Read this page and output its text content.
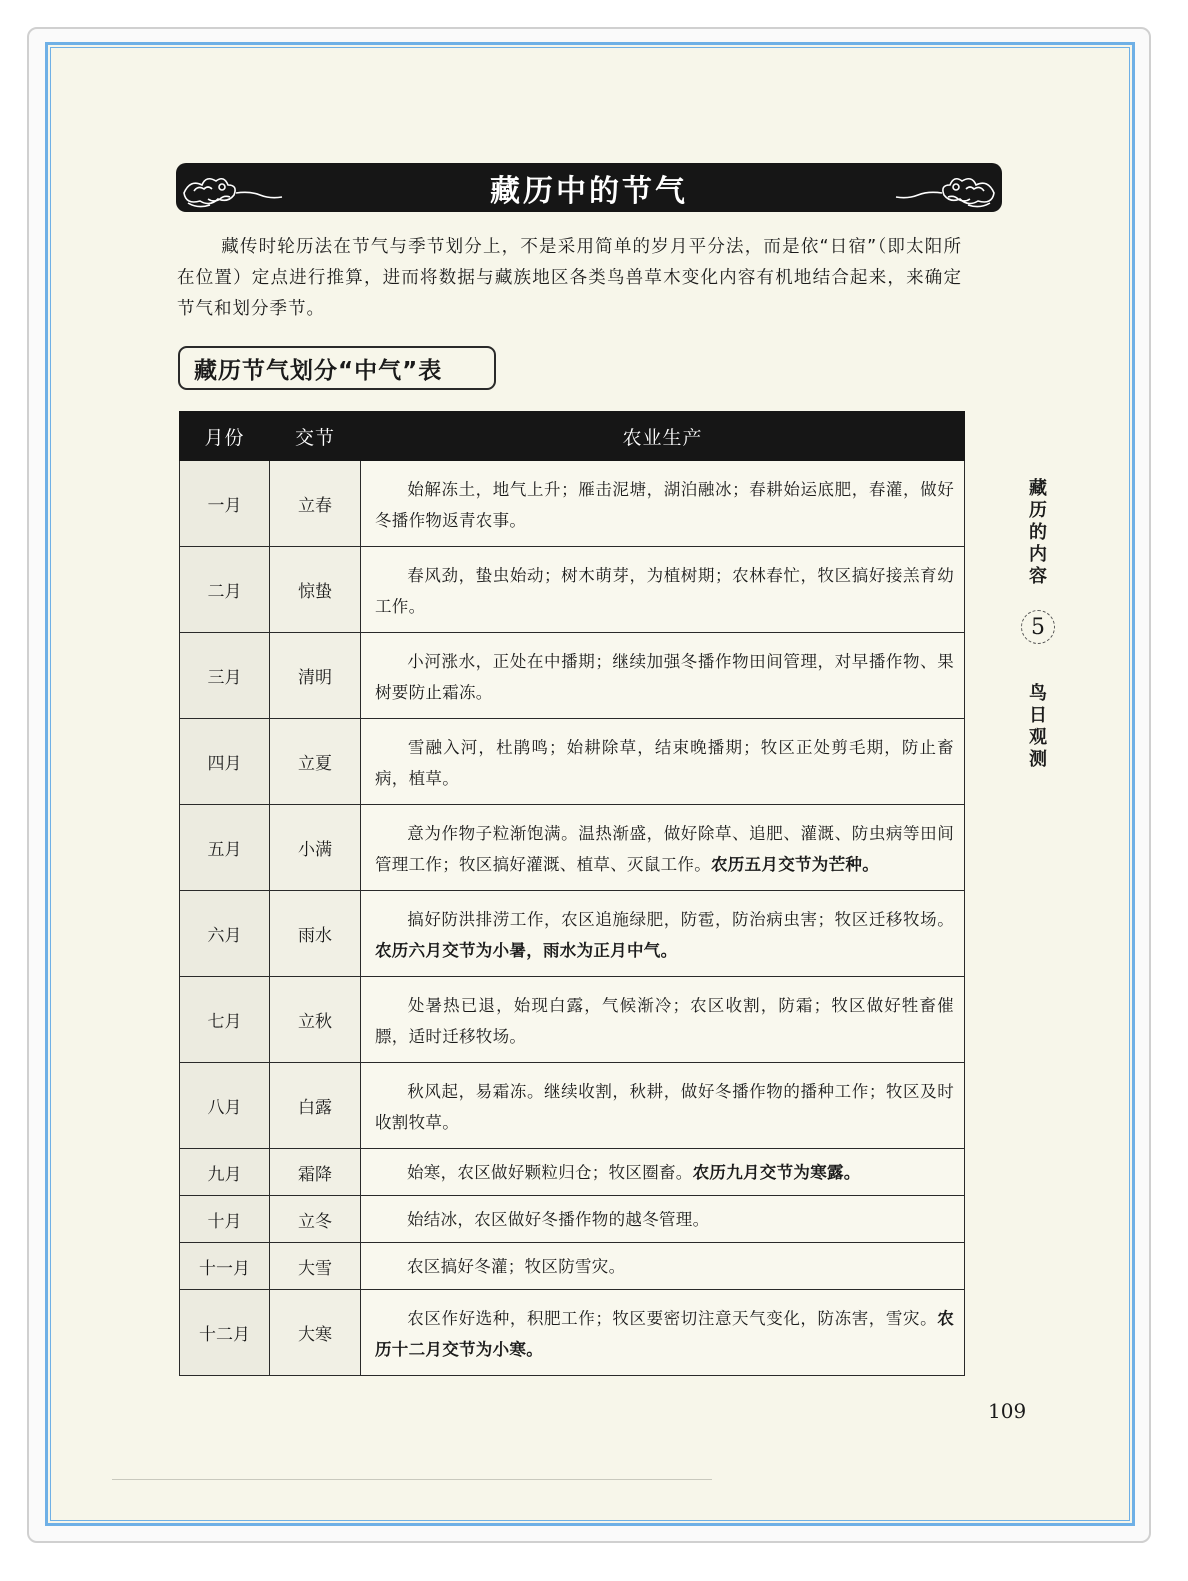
藏历中的节气

藏传时轮历法在节气与季节划分上，不是采用简单的岁月平分法，而是依“日宿”（即太阳所在位置）定点进行推算，进而将数据与藏族地区各类鸟兽草木变化内容有机地结合起来，来确定节气和划分季节。

藏历节气划分“中气”表
月份	交节	农业生产
一月	立春	始解冻土，地气上升；雁击泥塘，湖泊融冰；春耕始运底肥，春灌，做好冬播作物返青农事。
二月	惊蛰	春风劲，蛰虫始动；树木萌芽，为植树期；农林春忙，牧区搞好接羔育幼工作。
三月	清明	小河涨水，正处在中播期；继续加强冬播作物田间管理，对早播作物、果树要防止霜冻。
四月	立夏	雪融入河，杜鹃鸣；始耕除草，结束晚播期；牧区正处剪毛期，防止畜病，植草。
五月	小满	意为作物子粒渐饱满。温热渐盛，做好除草、追肥、灌溉、防虫病等田间管理工作；牧区搞好灌溉、植草、灭鼠工作。农历五月交节为芒种。
六月	雨水	搞好防洪排涝工作，农区追施绿肥，防雹，防治病虫害；牧区迁移牧场。农历六月交节为小暑，雨水为正月中气。
七月	立秋	处暑热已退，始现白露，气候渐冷；农区收割，防霜；牧区做好牲畜催膘，适时迁移牧场。
八月	白露	秋风起，易霜冻。继续收割，秋耕，做好冬播作物的播种工作；牧区及时收割牧草。
九月	霜降	始寒，农区做好颗粒归仓；牧区圈畜。农历九月交节为寒露。
十月	立冬	始结冰，农区做好冬播作物的越冬管理。
十一月	大雪	农区搞好冬灌；牧区防雪灾。
十二月	大寒	农区作好选种，积肥工作；牧区要密切注意天气变化，防冻害，雪灾。农历十二月交节为小寒。
藏历的内容
5
鸟日观测
109
